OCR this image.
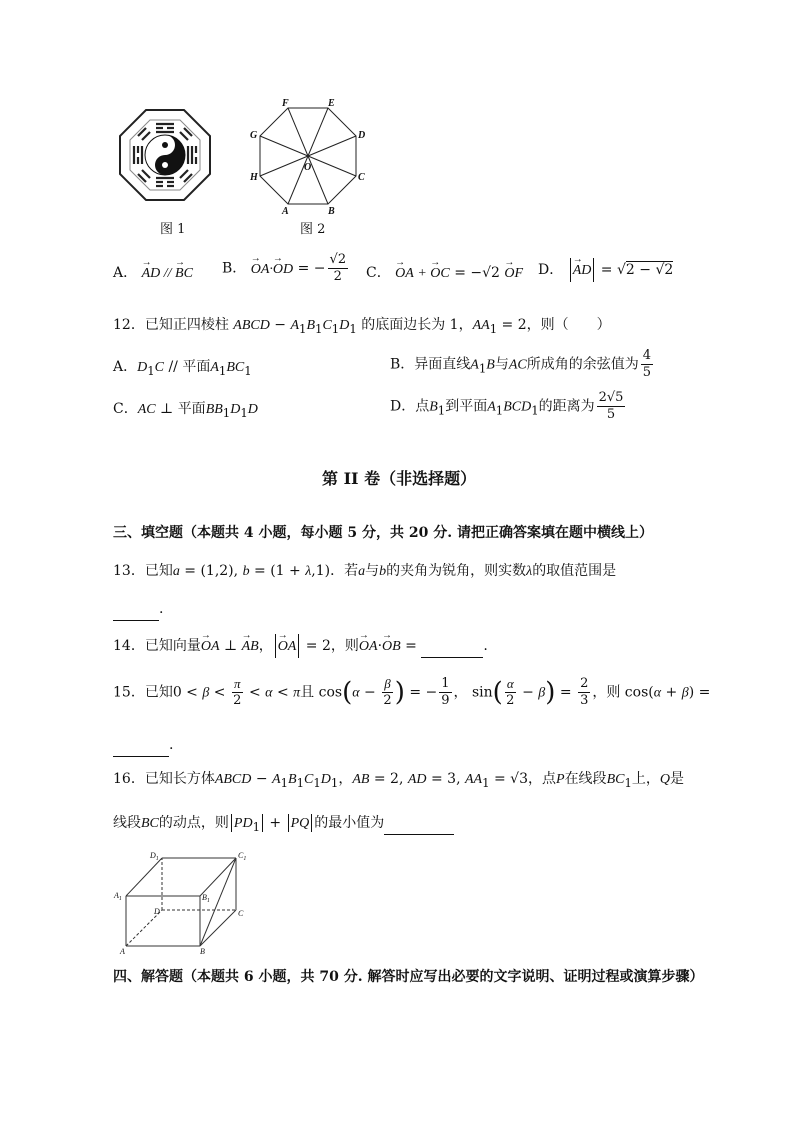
图 1
F	E
D
C
B
A
H
G
O
图 2
A． → AD // → BC B． → OA·→ OD = − $\frac{√2}{2}$ C． → OA + → OC = −√2 → OF D． → AD = √2 − √2
12．已知正四棱柱 ABCD − $A_1B_1C_1D_1$ 的底面边长为 1，$AA_1 = 2$，则（　　）
A．$D_1C$ // 平面$A_1BC_1$	B．异面直线$A_1B$与AC所成角的余弦值为 $\frac{4}{5}$
C．AC ⊥ 平面$BB_1D_1D$	D．点$B_1$到平面$A_1BCD_1$的距离为 $\frac{2√5}{5}$
第 II 卷（非选择题）
三、填空题（本题共 4 小题，每小题 5 分，共 20 分. 请把正确答案填在题中横线上）
13．已知a = (1,2), b = (1 + λ,1)．若a与b的夹角为锐角，则实数λ的取值范围是
.
14．已知向量→ OA ⊥ → AB， → OA = 2，则→ OA·→ OB =	.
15．已知$0 < \beta < \frac{\pi}{2} < \alpha < \pi$且 $\cos(\alpha - \frac{\beta}{2}$ ) = − $\frac{1}{9}$ ， $\sin( \frac{\alpha}{2} - \beta) = \frac{2}{3}$ ，则 cos(α + β) =
.
16．已知长方体ABCD − $A_1B_1C_1D_1$，AB = 2, AD = 3, $AA_1 = √3$，点P在线段$BC_1$上，Q是
线段BC的动点，则 $PD_1$ + PQ 的最小值为
$D_1$	$C_1$
$A_1$	$B_1$
D	C
A	B
四、解答题（本题共 6 小题，共 70 分. 解答时应写出必要的文字说明、证明过程或演算步骤）
